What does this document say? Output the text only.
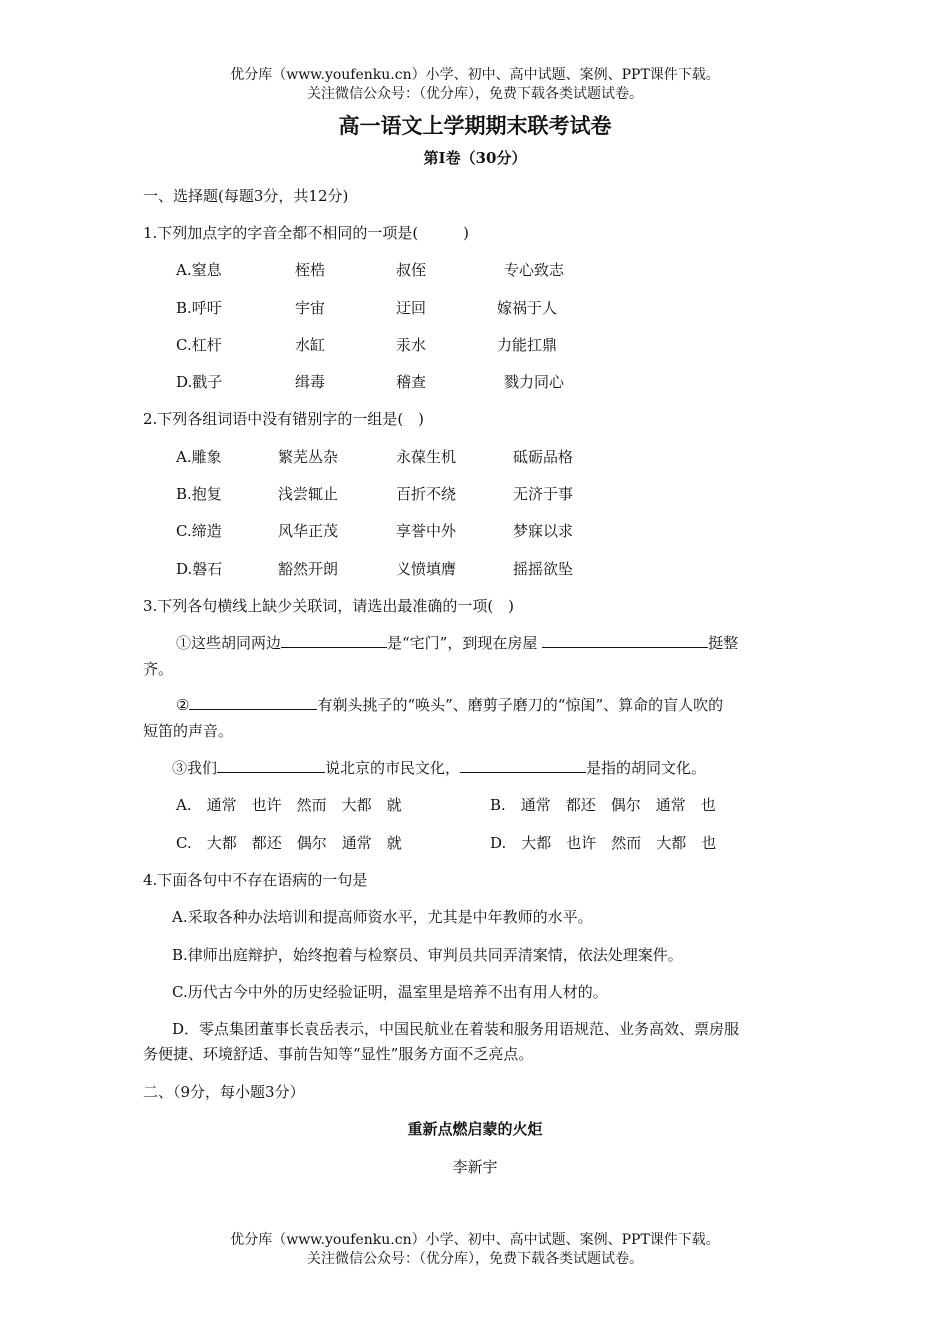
优分库（www.youfenku.cn）小学、初中、高中试题、案例、PPT课件下载。
关注微信公众号：（优分库），免费下载各类试题试卷。
高一语文上学期期末联考试卷
第Ⅰ卷（30分）
一、选择题(每题3分，共12分)
1.下列加点字的字音全都不相同的一项是(　　　)
A.窒息	桎梏	叔侄	专心致志
B.呼吁	宇宙	迂回	嫁祸于人
C.杠杆	水缸	汞水	力能扛鼎
D.戳子	缉毒	稽查	戮力同心
2.下列各组词语中没有错别字的一组是(　)
A.雕象	繁芜丛杂	永葆生机	砥砺品格
B.抱复	浅尝辄止	百折不绕	无济于事
C.缔造	风华正茂	享誉中外	梦寐以求
D.磐石	豁然开朗	义愤填膺	摇摇欲坠
3.下列各句横线上缺少关联词，请选出最准确的一项(　)
①这些胡同两边	是“宅门”，到现在房屋	挺整
齐。
②	有剃头挑子的“唤头”、磨剪子磨刀的“惊闺”、算命的盲人吹的
短笛的声音。
③我们	说北京的市民文化，	是指的胡同文化。
A.　通常　也许　然而　大都　就	B.　通常　都还　偶尔　通常　也
C.　大都　都还　偶尔　通常　就	D.　大都　也许　然而　大都　也
4.下面各句中不存在语病的一句是
A.采取各种办法培训和提高师资水平，尤其是中年教师的水平。
B.律师出庭辩护，始终抱着与检察员、审判员共同弄清案情，依法处理案件。
C.历代古今中外的历史经验证明，温室里是培养不出有用人材的。
D．零点集团董事长袁岳表示，中国民航业在着装和服务用语规范、业务高效、票房服
务便捷、环境舒适、事前告知等“显性”服务方面不乏亮点。
二、（9分，每小题3分）
重新点燃启蒙的火炬
李新宇
优分库（www.youfenku.cn）小学、初中、高中试题、案例、PPT课件下载。
关注微信公众号：（优分库），免费下载各类试题试卷。
